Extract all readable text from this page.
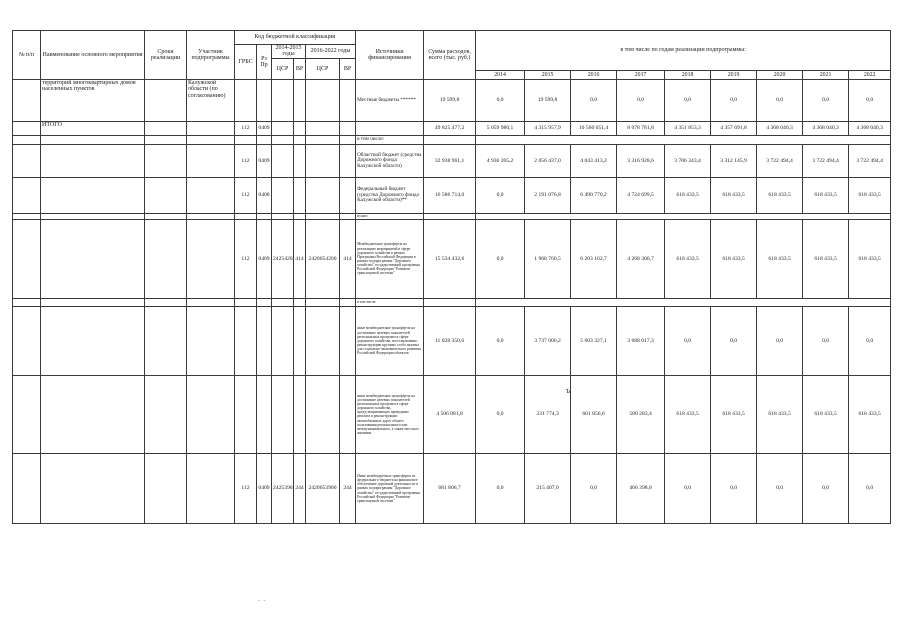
№ п/п	Наименование основного мероприятия	Сроки реализации	Участник подпрограммы	Код бюджетной классификации						Источники финансирования	Сумма расходов, всего (тыс. руб.)	в том числе по годам реализации подпрограммы:								
				ГРБС	Рз Пр	2014-2015 годы		2016-2022 годы												
						ЦСР	ВР	ЦСР	ВР											
												2014	2015	2016	2017	2018	2019	2020	2021	2022
	территорий многоквартирных домов населенных пунктов		Калужской области (по согласованию)							Местные бюджеты ******	19 599,8	0,0	19 599,8	0,0	0,0	0,0	0,0	0,0	0,0	0,0
	ИТОГО			112	0409						49 825 477,2	5 059 980,1	4 315 957,9	10 560 051,4	8 078 781,8	4 351 853,3	4 357 691,8	4 368 040,3	4 368 040,3	4 368 040,3
										в том числе:										
				112	0409					Областной бюджет (средства Дорожного фонда Калужской области)	32 938 961,1	4 936 205,2	2 056 437,0	4 043 413,2	3 316 928,6	3 706 343,4	3 312 145,9	3 722 494,4	3 722 494,4	3 722 494,4
				112	0408					Федеральный бюджет (средства Дорожного фонда Калужской области)**	16 586 714,0	0,0	2 191 076,8	6 490 770,2	4 724 699,5	618 433,5	618 433,5	618 433,5	618 433,5	618 433,5
										из них:										
				112	0409	2425420	414	2420054200	414	Межбюджетные трансферты на реализацию мероприятий в сфере дорожного хозяйства в рамках Программы Российской Федерации в рамках подпрограммы "Дорожное хозяйство" государственной программы Российской Федерации "Развитие транспортной системы"	15 534 432,6	0,0	1 968 760,5	6 203 162,7	4 268 300,7	618 433,5	618 433,5	618 433,5	618 433,5	618 433,5
										в том числе:										
										иные межбюджетные трансферты на достижение целевых показателей региональных программ в сфере дорожного хозяйства, восстановление, реконструкцию крупных особо важных для социально-экономического развития Российской Федерации объектов	11 028 350,6	0,0	3 737 006,2	5 603 327,1	3 688 017,3	0,0	0,0	0,0	0,0	0,0
										иные межбюджетные трансферты на достижение целевых показателей региональных программ в сфере дорожного хозяйства, предусматривающих проведение ремонта и реконструкции автомобильных дорог общего пользования регионального или межмуниципального, а также местного значения	4 506 081,8	0,0	231 774,3	601 856,6	580 283,4	618 433,5	618 433,5	618 433,5	618 433,5	618 433,5
				112	0409	2425390	244	2420053900	244	Иные межбюджетные трансферты из федерального бюджета на финансовое обеспечение дорожной деятельности в рамках подпрограммы "Дорожное хозяйство" государственной программы Российской Федерации "Развитие транспортной системы"	681 806,7	0,0	215 407,0	0,0	466 398,8	0,0	0,0	0,0	0,0	0,0
ъ
- -
